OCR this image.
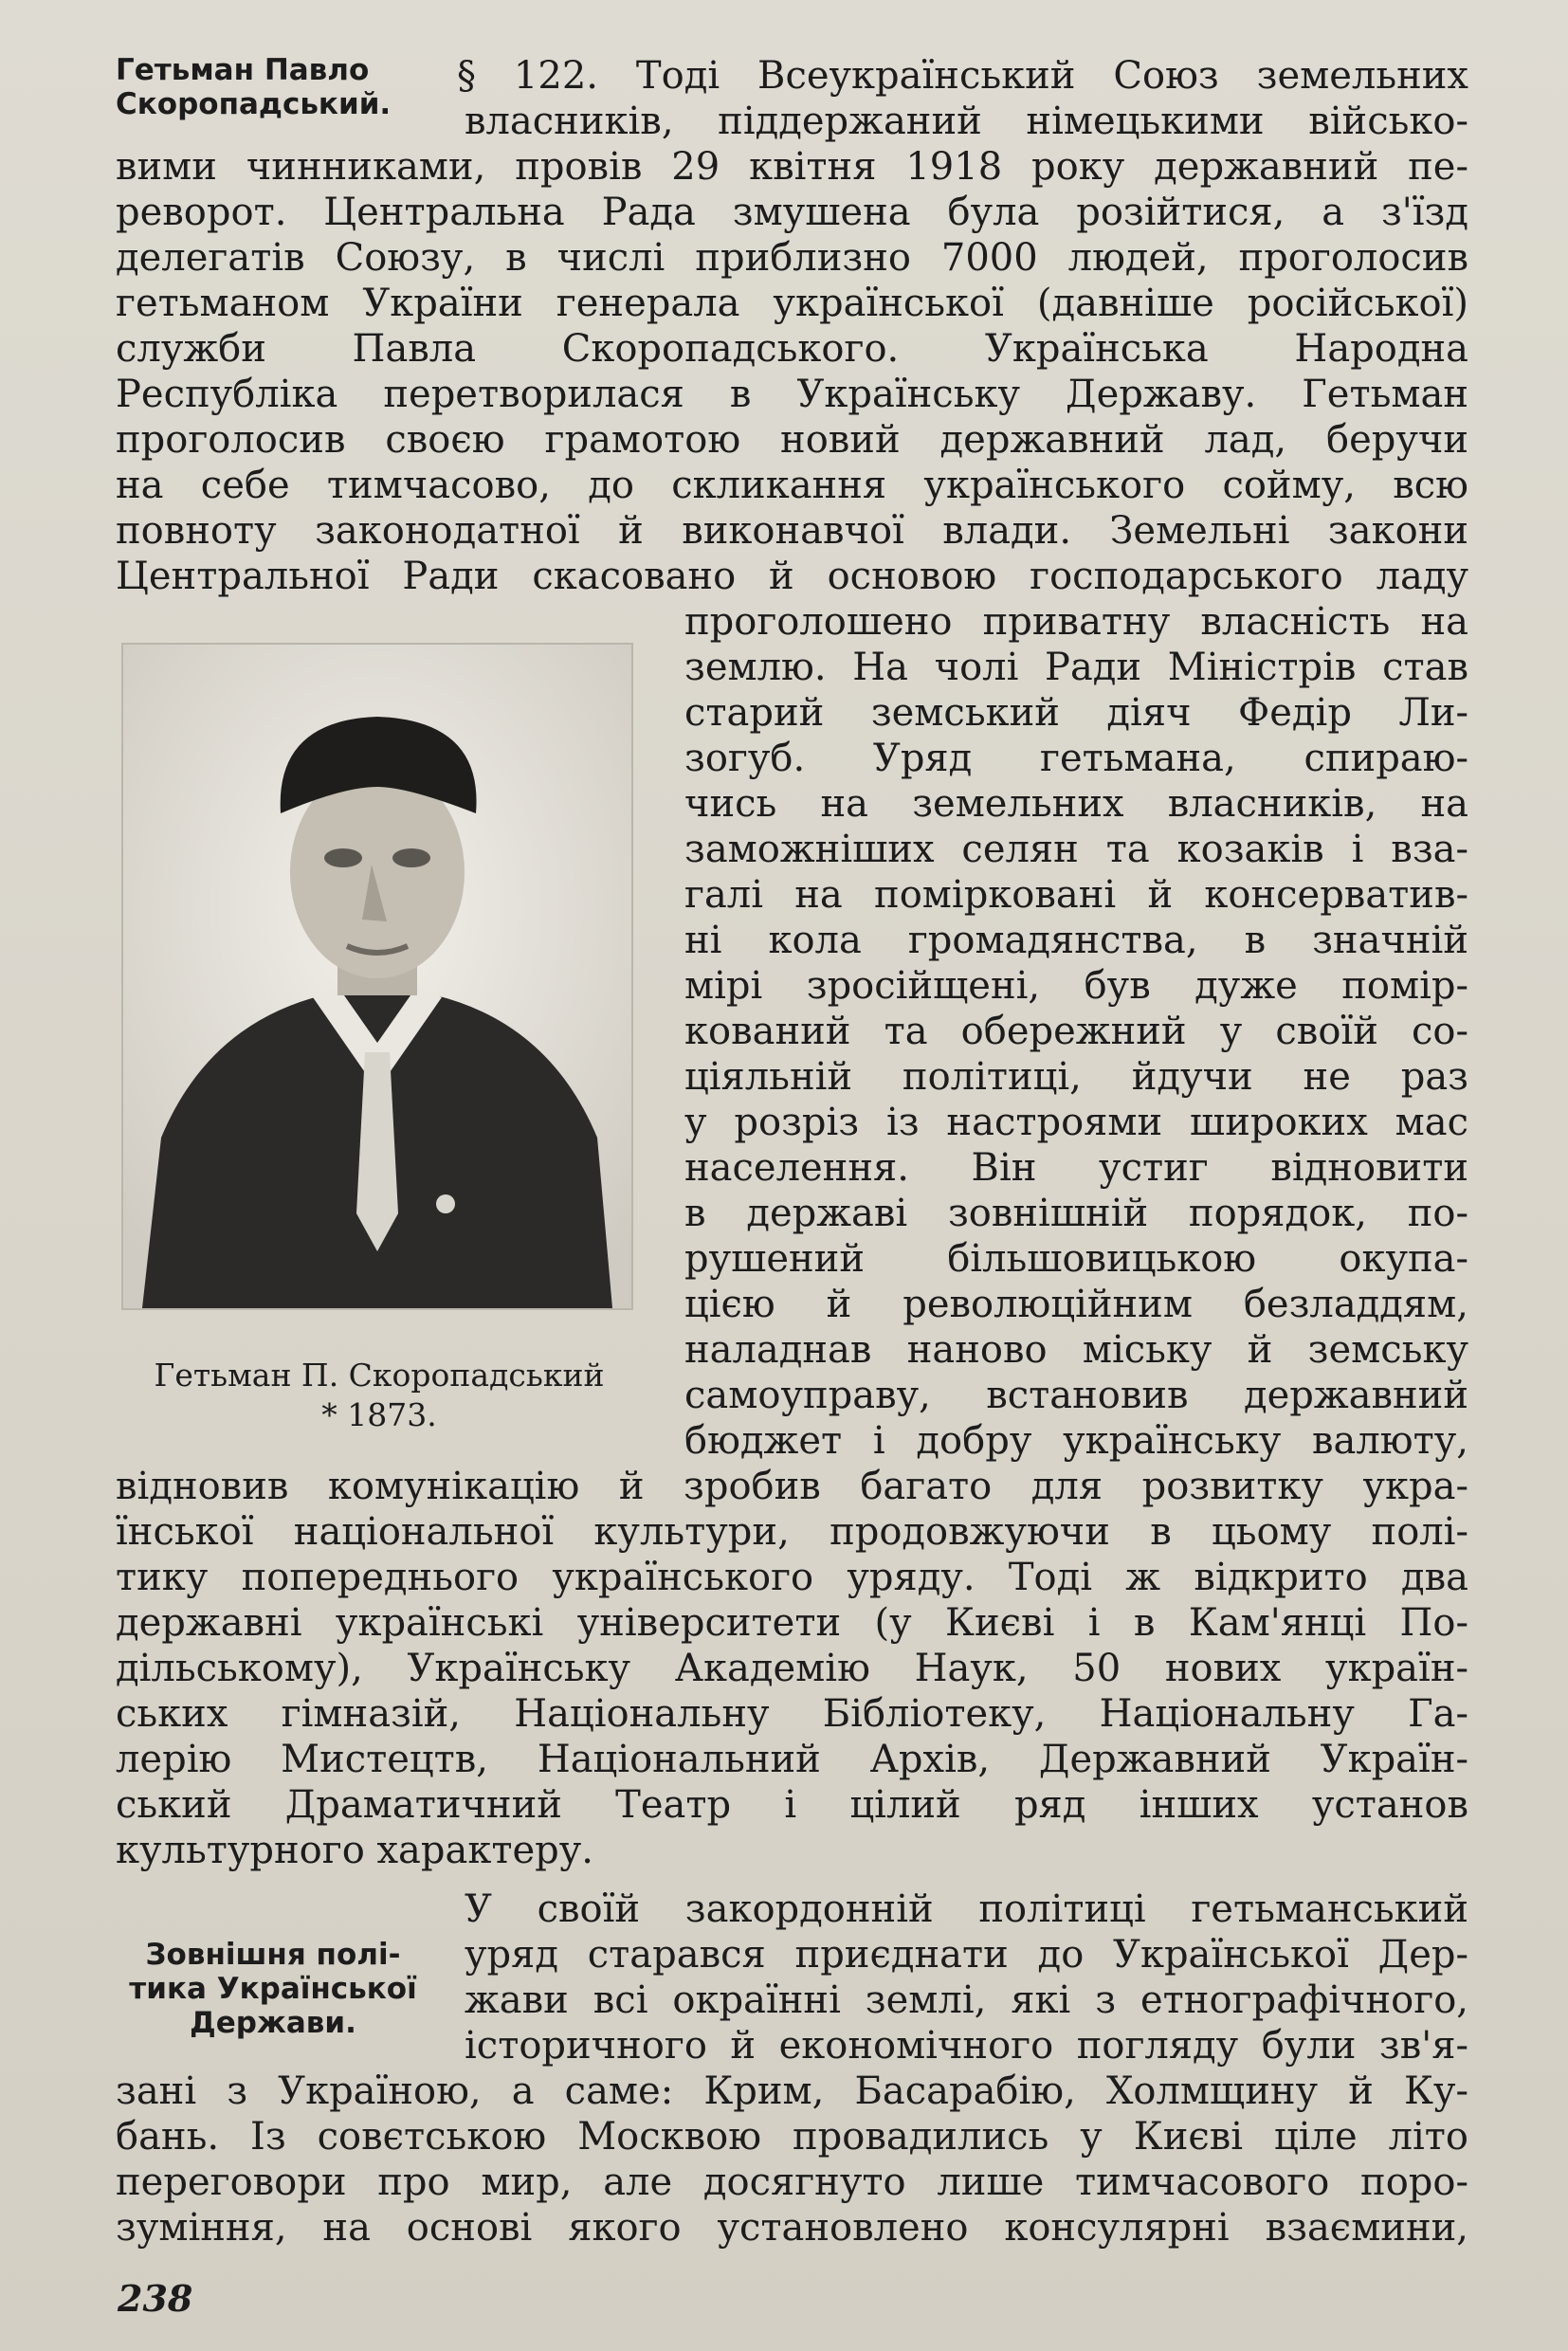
Гетьман Павло
Скоропадський.
Зовнішня полі-
тика Української
Держави.
§ 122. Тоді Всеукраїнський Союз земельних
власників, піддержаний німецькими військо-
вими чинниками, провів 29 квітня 1918 року державний пе-
реворот. Центральна Рада змушена була розійтися, а з'їзд
делегатів Союзу, в числі приблизно 7000 людей, проголосив
гетьманом України генерала української (давніше російської)
служби Павла Скоропадського. Українська Народна
Республіка перетворилася в Українську Державу. Гетьман
проголосив своєю грамотою новий державний лад, беручи
на себе тимчасово, до скликання українського сойму, всю
повноту законодатної й виконавчої влади. Земельні закони
Центральної Ради скасовано й основою господарського ладу
проголошено приватну власність на
землю. На чолі Ради Міністрів став
старий земський діяч Федір Ли-
зогуб. Уряд гетьмана, спираю-
чись на земельних власників, на
заможніших селян та козаків і вза-
галі на помірковані й консерватив-
ні кола громадянства, в значній
мірі зросійщені, був дуже помір-
кований та обережний у своїй со-
ціяльній політиці, йдучи не раз
у розріз із настроями широких мас
населення. Він устиг відновити
в державі зовнішній порядок, по-
рушений більшовицькою окупа-
цією й революційним безладдям,
наладнав наново міську й земську
самоуправу, встановив державний
бюджет і добру українську валюту,
відновив комунікацію й зробив багато для розвитку укра-
їнської національної культури, продовжуючи в цьому полі-
тику попереднього українського уряду. Тоді ж відкрито два
державні українські університети (у Києві і в Кам'янці По-
дільському), Українську Академію Наук, 50 нових україн-
ських гімназій, Національну Бібліотеку, Національну Га-
лерію Мистецтв, Національний Архів, Державний Україн-
ський Драматичний Театр і цілий ряд інших установ
культурного характеру.
У своїй закордонній політиці гетьманський
уряд старався приєднати до Української Дер-
жави всі окраїнні землі, які з етнографічного,
історичного й економічного погляду були зв'я-
зані з Україною, а саме: Крим, Басарабію, Холмщину й Ку-
бань. Із совєтською Москвою провадились у Києві ціле літо
переговори про мир, але досягнуто лише тимчасового поро-
зуміння, на основі якого установлено консулярні взаємини,
Гетьман П. Скоропадський
* 1873.
238
